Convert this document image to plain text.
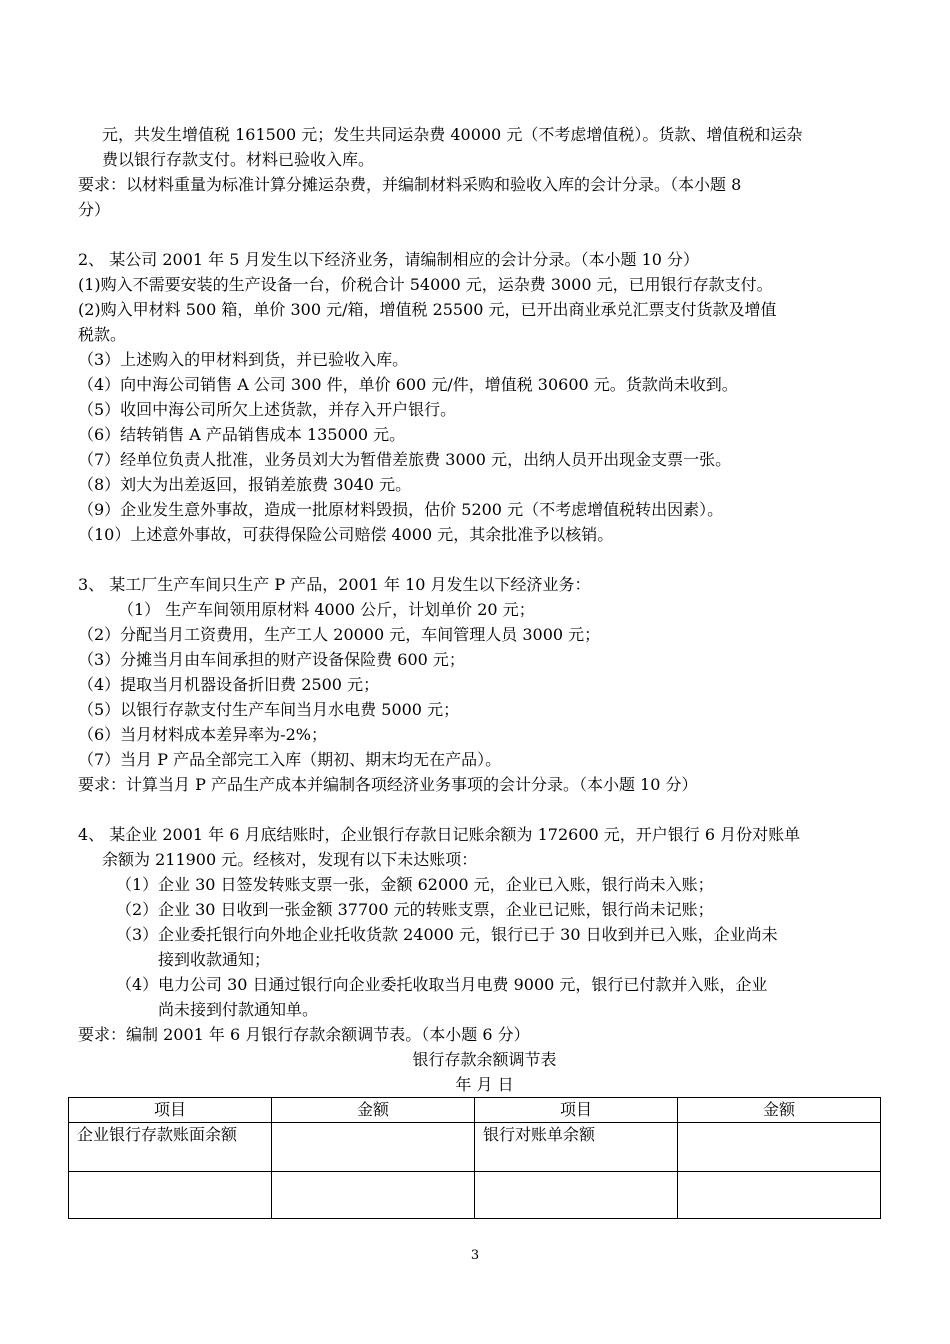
元，共发生增值税 161500 元；发生共同运杂费 40000 元（不考虑增值税）。货款、增值税和运杂
费以银行存款支付。材料已验收入库。
要求：以材料重量为标准计算分摊运杂费，并编制材料采购和验收入库的会计分录。（本小题 8
分）
2、 某公司 2001 年 5 月发生以下经济业务，请编制相应的会计分录。（本小题 10 分）
(1)购入不需要安装的生产设备一台，价税合计 54000 元，运杂费 3000 元，已用银行存款支付。
(2)购入甲材料 500 箱，单价 300 元/箱，增值税 25500 元，已开出商业承兑汇票支付货款及增值
税款。
（3）上述购入的甲材料到货，并已验收入库。
（4）向中海公司销售 A 公司 300 件，单价 600 元/件，增值税 30600 元。货款尚未收到。
（5）收回中海公司所欠上述货款，并存入开户银行。
（6）结转销售 A 产品销售成本 135000 元。
（7）经单位负责人批准，业务员刘大为暂借差旅费 3000 元，出纳人员开出现金支票一张。
（8）刘大为出差返回，报销差旅费 3040 元。
（9）企业发生意外事故，造成一批原材料毁损，估价 5200 元（不考虑增值税转出因素）。
（10）上述意外事故，可获得保险公司赔偿 4000 元，其余批准予以核销。
3、 某工厂生产车间只生产 P 产品，2001 年 10 月发生以下经济业务：
（1） 生产车间领用原材料 4000 公斤，计划单价 20 元；
（2）分配当月工资费用，生产工人 20000 元，车间管理人员 3000 元；
（3）分摊当月由车间承担的财产设备保险费 600 元；
（4）提取当月机器设备折旧费 2500 元；
（5）以银行存款支付生产车间当月水电费 5000 元；
（6）当月材料成本差异率为-2%；
（7）当月 P 产品全部完工入库（期初、期末均无在产品）。
要求：计算当月 P 产品生产成本并编制各项经济业务事项的会计分录。（本小题 10 分）
4、 某企业 2001 年 6 月底结账时，企业银行存款日记账余额为 172600 元，开户银行 6 月份对账单
余额为 211900 元。经核对，发现有以下未达账项：
（1） 企业 30 日签发转账支票一张，金额 62000 元，企业已入账，银行尚未入账；
（2） 企业 30 日收到一张金额 37700 元的转账支票，企业已记账，银行尚未记账；
（3） 企业委托银行向外地企业托收货款 24000 元，银行已于 30 日收到并已入账，企业尚未
接到收款通知；
（4） 电力公司 30 日通过银行向企业委托收取当月电费 9000 元，银行已付款并入账，企业
尚未接到付款通知单。
要求：编制 2001 年 6 月银行存款余额调节表。（本小题 6 分）
银行存款余额调节表
年 月 日
项目	金额	项目	金额
企业银行存款账面余额		银行对账单余额	

3
